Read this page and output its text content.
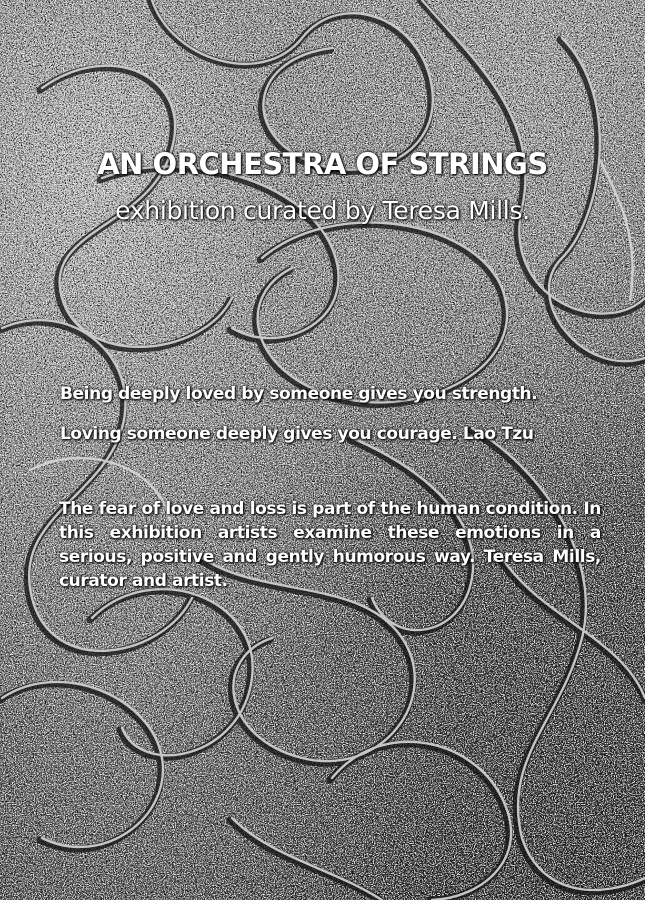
AN ORCHESTRA OF STRINGS
exhibition curated by Teresa Mills.
Being deeply loved by someone gives you strength.
Loving someone deeply gives you courage. Lao Tzu
The fear of love and loss is part of the human condition. In this exhibition artists examine these emotions in a serious, positive and gently humorous way. Teresa Mills, curator and artist.
